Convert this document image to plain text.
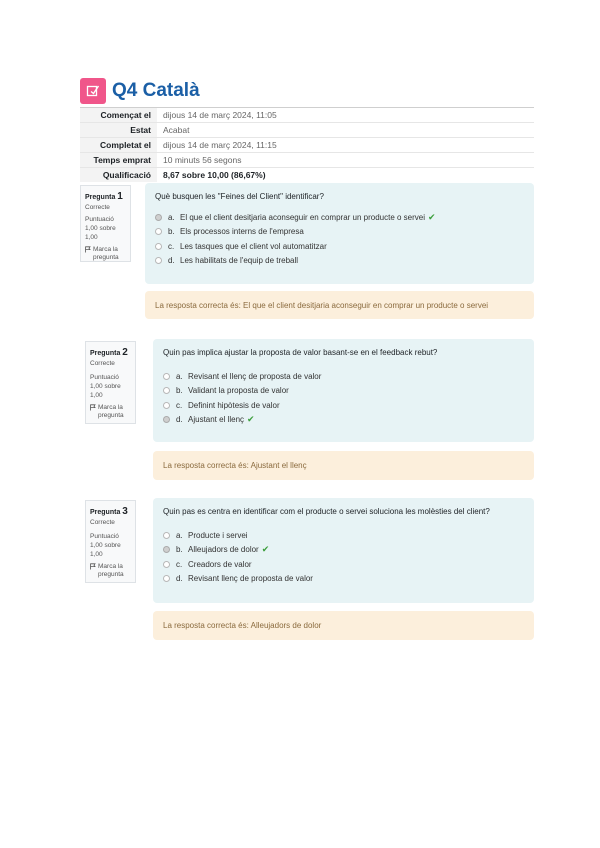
Q4 Català
Començat el	dijous 14 de març 2024, 11:05
Estat	Acabat
Completat el	dijous 14 de març 2024, 11:15
Temps emprat	10 minuts 56 segons
Qualificació	8,67 sobre 10,00 (86,67%)
Pregunta 1
Correcte
Puntuació 1,00 sobre 1,00
Marca la pregunta
Què busquen les "Feines del Client" identificar?
a. El que el client desitjaria aconseguir en comprar un producte o servei ✔
b. Els processos interns de l'empresa
c. Les tasques que el client vol automatitzar
d. Les habilitats de l'equip de treball
La resposta correcta és: El que el client desitjaria aconseguir en comprar un producte o servei
Pregunta 2
Correcte
Puntuació 1,00 sobre 1,00
Marca la pregunta
Quin pas implica ajustar la proposta de valor basant-se en el feedback rebut?
a. Revisant el llenç de proposta de valor
b. Validant la proposta de valor
c. Definint hipòtesis de valor
d. Ajustant el llenç ✔
La resposta correcta és: Ajustant el llenç
Pregunta 3
Correcte
Puntuació 1,00 sobre 1,00
Marca la pregunta
Quin pas es centra en identificar com el producte o servei soluciona les molèsties del client?
a. Producte i servei
b. Alleujadors de dolor ✔
c. Creadors de valor
d. Revisant llenç de proposta de valor
La resposta correcta és: Alleujadors de dolor
